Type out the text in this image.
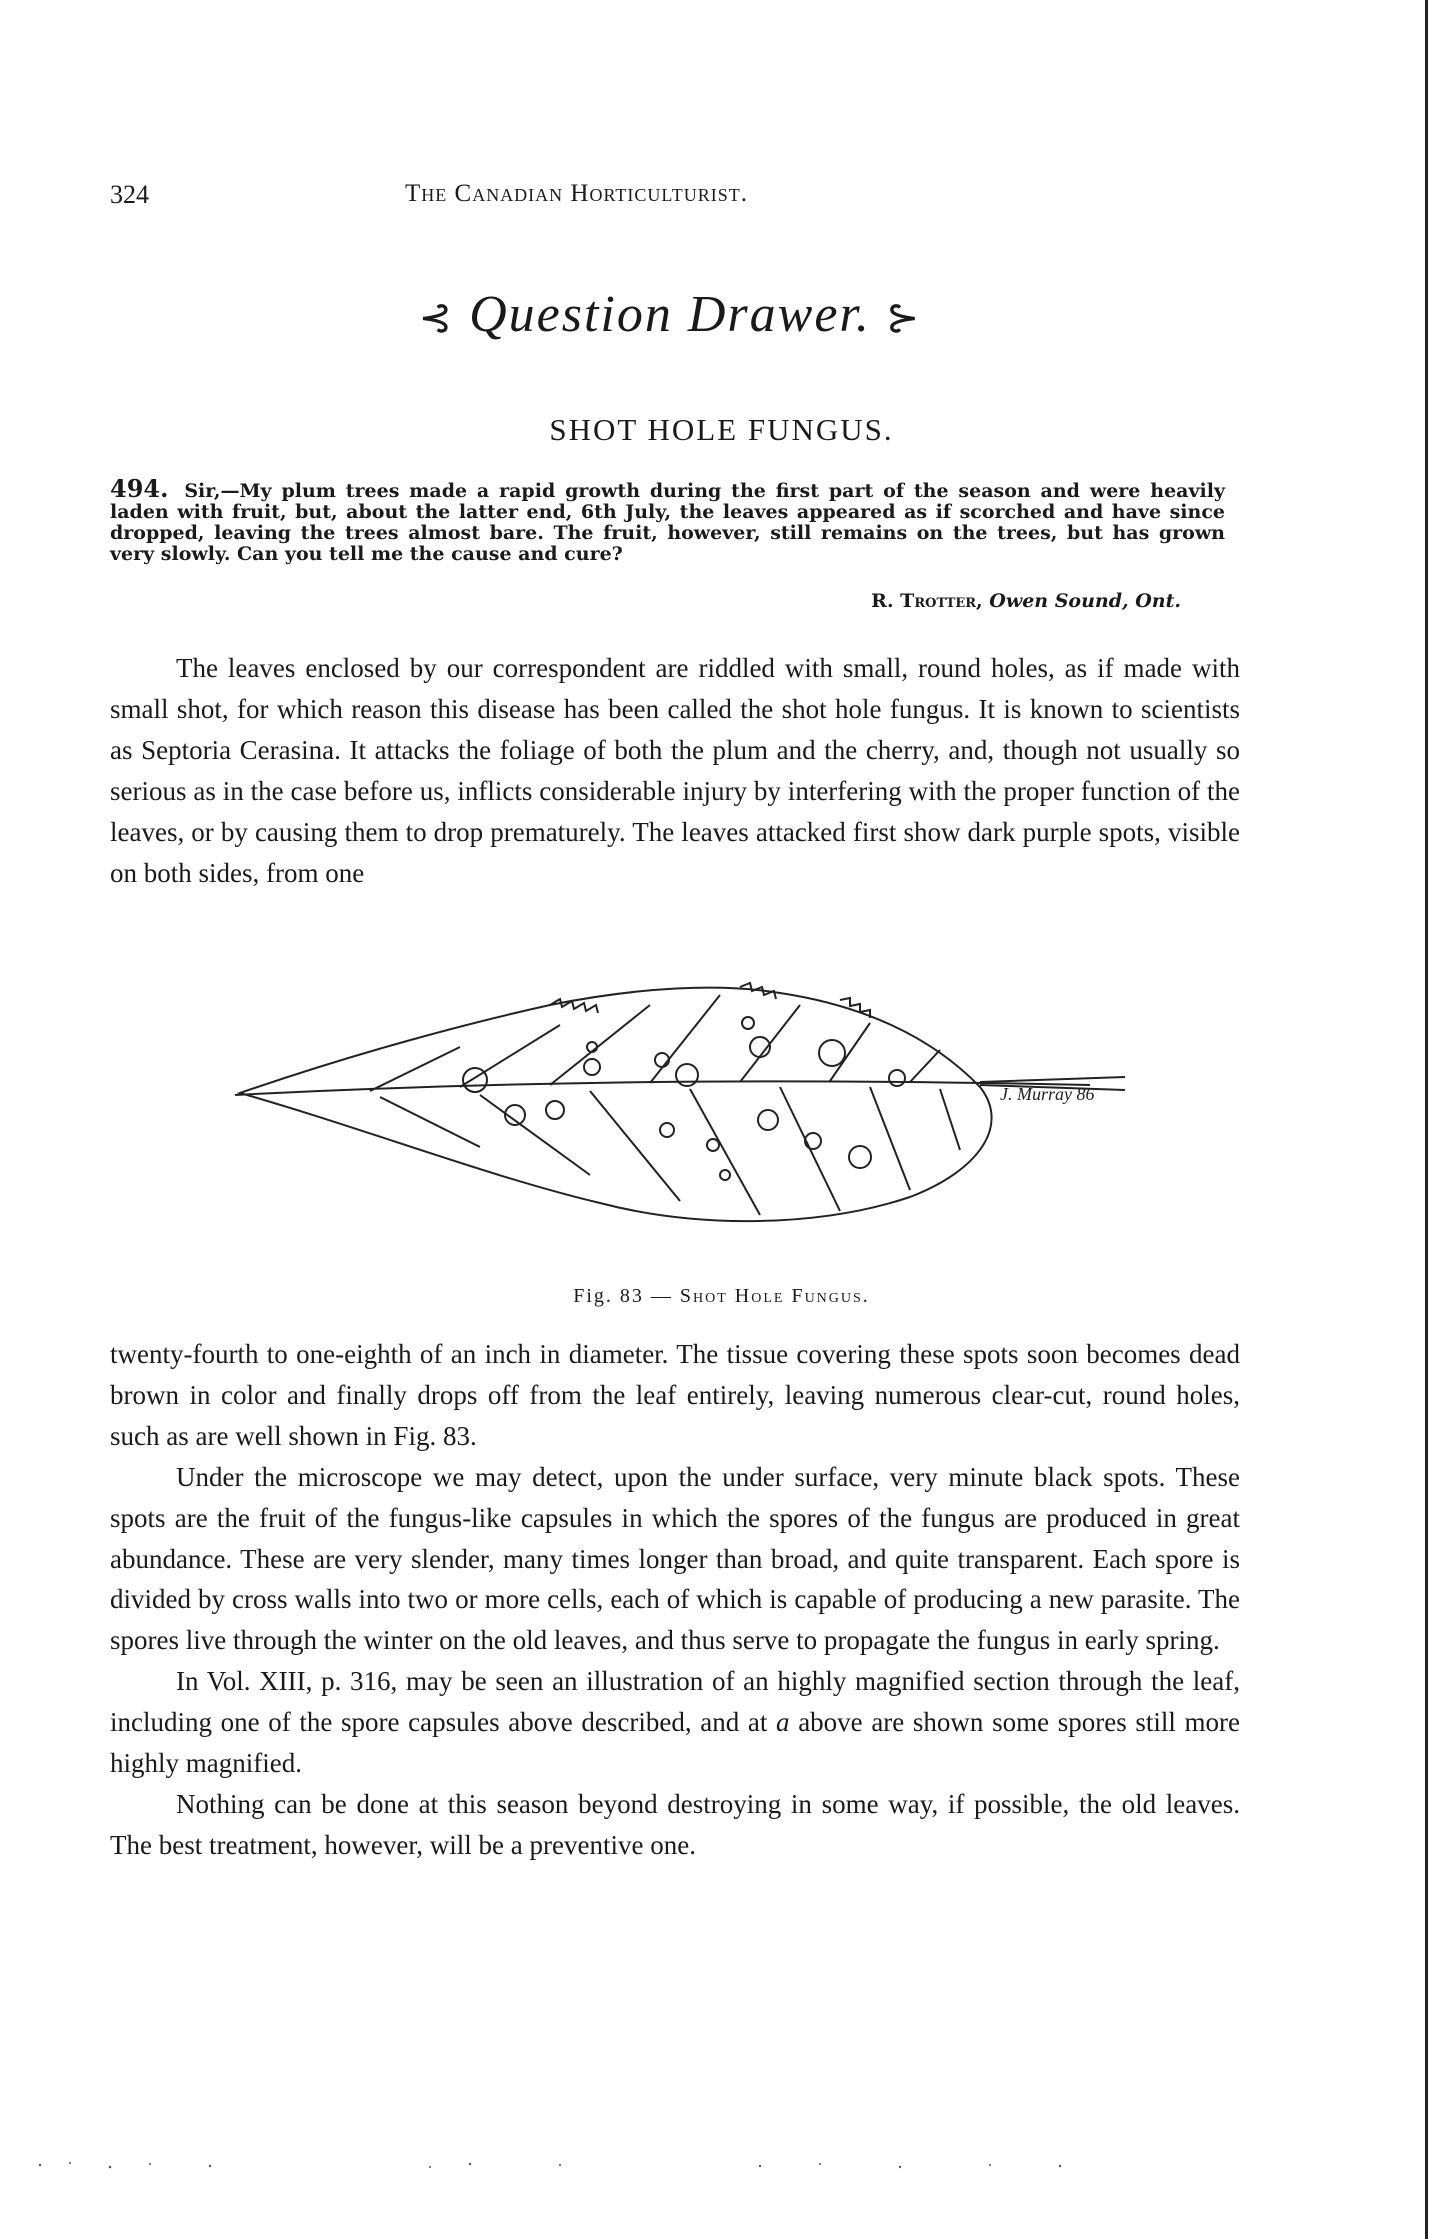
324	The Canadian Horticulturist.
⊰ Question Drawer. ⊱
SHOT HOLE FUNGUS.
494. Sir,—My plum trees made a rapid growth during the first part of the season and were heavily laden with fruit, but, about the latter end, 6th July, the leaves appeared as if scorched and have since dropped, leaving the trees almost bare. The fruit, however, still remains on the trees, but has grown very slowly. Can you tell me the cause and cure?
R. Trotter, Owen Sound, Ont.

The leaves enclosed by our correspondent are riddled with small, round holes, as if made with small shot, for which reason this disease has been called the shot hole fungus. It is known to scientists as Septoria Cerasina. It attacks the foliage of both the plum and the cherry, and, though not usually so serious as in the case before us, inflicts considerable injury by interfering with the proper function of the leaves, or by causing them to drop prematurely. The leaves attacked first show dark purple spots, visible on both sides, from one

J. Murray 86
Fig. 83 — Shot Hole Fungus.

twenty-fourth to one-eighth of an inch in diameter. The tissue covering these spots soon becomes dead brown in color and finally drops off from the leaf entirely, leaving numerous clear-cut, round holes, such as are well shown in Fig. 83.

Under the microscope we may detect, upon the under surface, very minute black spots. These spots are the fruit of the fungus-like capsules in which the spores of the fungus are produced in great abundance. These are very slender, many times longer than broad, and quite transparent. Each spore is divided by cross walls into two or more cells, each of which is capable of producing a new parasite. The spores live through the winter on the old leaves, and thus serve to propagate the fungus in early spring.

In Vol. XIII, p. 316, may be seen an illustration of an highly magnified section through the leaf, including one of the spore capsules above described, and at a above are shown some spores still more highly magnified.

Nothing can be done at this season beyond destroying in some way, if possible, the old leaves. The best treatment, however, will be a preventive one.
